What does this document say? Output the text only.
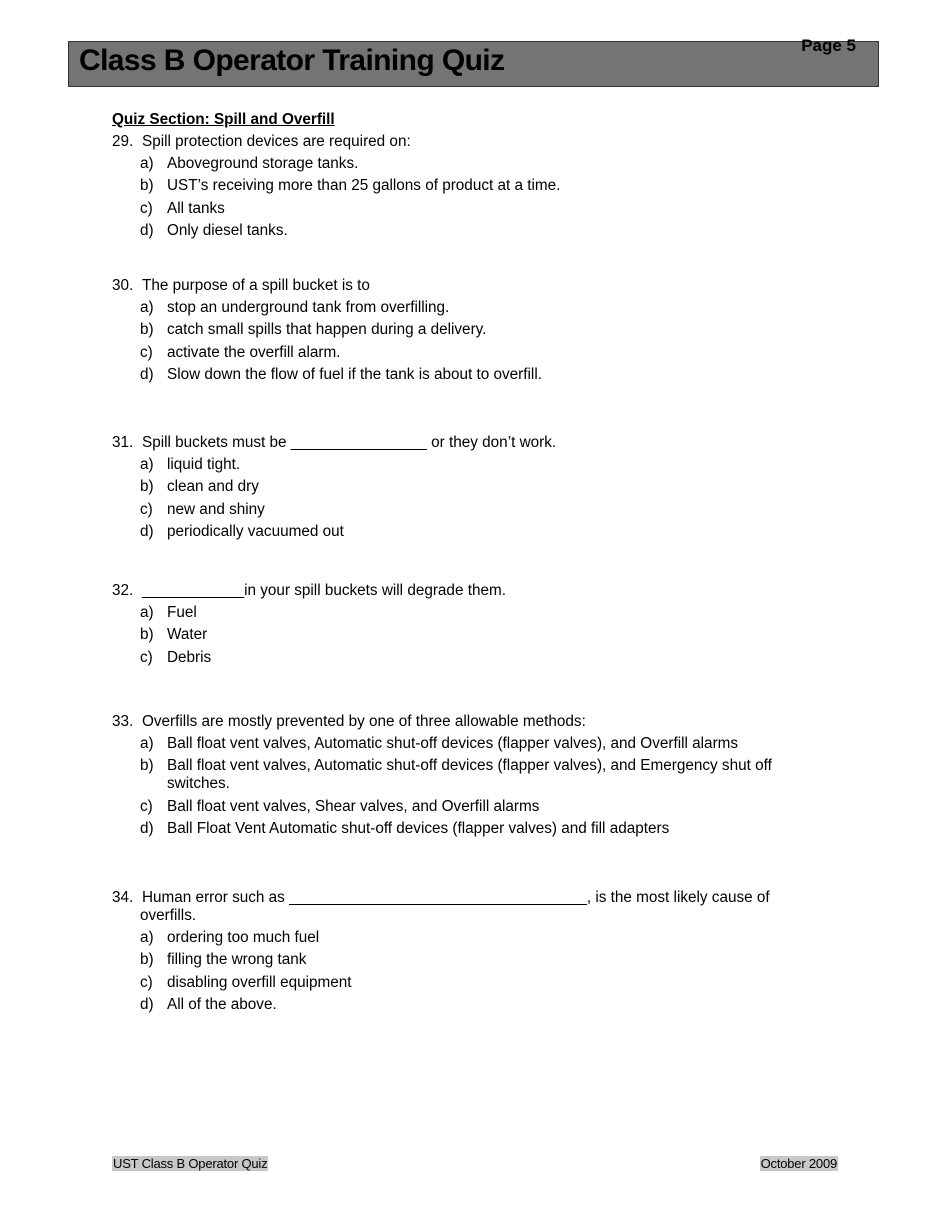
Class B Operator Training Quiz	Page 5
Quiz Section: Spill and Overfill
29. Spill protection devices are required on:
a) Aboveground storage tanks.
b) UST’s receiving more than 25 gallons of product at a time.
c) All tanks
d) Only diesel tanks.
30. The purpose of a spill bucket is to
a) stop an underground tank from overfilling.
b) catch small spills that happen during a delivery.
c) activate the overfill alarm.
d) Slow down the flow of fuel if the tank is about to overfill.
31. Spill buckets must be ________________ or they don’t work.
a) liquid tight.
b) clean and dry
c) new and shiny
d) periodically vacuumed out
32. ____________in your spill buckets will degrade them.
a) Fuel
b) Water
c) Debris
33. Overfills are mostly prevented by one of three allowable methods:
a) Ball float vent valves, Automatic shut-off devices (flapper valves), and Overfill alarms
b) Ball float vent valves, Automatic shut-off devices (flapper valves), and Emergency shut off switches.
c) Ball float vent valves, Shear valves, and Overfill alarms
d) Ball Float Vent Automatic shut-off devices (flapper valves) and fill adapters
34. Human error such as ___________________________________, is the most likely cause of
overfills.
a) ordering too much fuel
b) filling the wrong tank
c) disabling overfill equipment
d) All of the above.
UST Class B Operator Quiz	October 2009
